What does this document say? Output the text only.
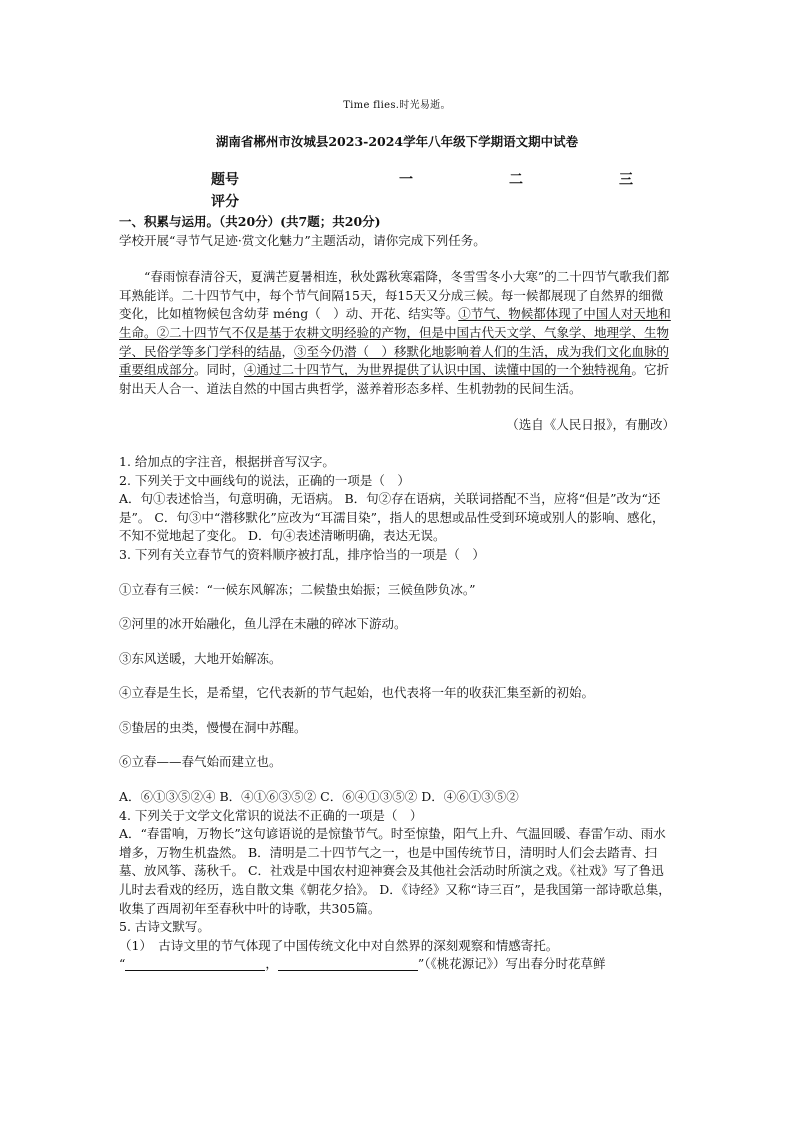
Time flies.时光易逝。
湖南省郴州市汝城县2023-2024学年八年级下学期语文期中试卷
题号	一	二	三
评分

一、积累与运用。（共20分）(共7题；共20分)

学校开展“寻节气足迹·赏文化魅力”主题活动，请你完成下列任务。

“春雨惊春清谷天，夏满芒夏暑相连，秋处露秋寒霜降，冬雪雪冬小大寒”的二十四节气歌我们都耳熟能详。二十四节气中，每个节气间隔15天，每15天又分成三候。每一候都展现了自然界的细微变化，比如植物候包含幼芽 méng（　）动、开花、结实等。①节气、物候都体现了中国人对天地和生命。②二十四节气不仅是基于农耕文明经验的产物，但是中国古代天文学、气象学、地理学、生物学、民俗学等多门学科的结晶，③至今仍潜（　）移默化地影响着人们的生活，成为我们文化血脉的重要组成部分。同时，④通过二十四节气，为世界提供了认识中国、读懂中国的一个独特视角。它折射出天人合一、道法自然的中国古典哲学，滋养着形态多样、生机勃勃的民间生活。

（选自《人民日报》，有删改）

1. 给加点的字注音，根据拼音写汉字。

2. 下列关于文中画线句的说法，正确的一项是（　）

A．句①表述恰当，句意明确，无语病。 B．句②存在语病，关联词搭配不当，应将“但是”改为“还是”。 C．句③中“潜移默化”应改为“耳濡目染”，指人的思想或品性受到环境或别人的影响、感化，不知不觉地起了变化。 D．句④表述清晰明确，表达无误。

3. 下列有关立春节气的资料顺序被打乱，排序恰当的一项是（　）

①立春有三候：“一候东风解冻；二候蛰虫始振；三候鱼陟负冰。”

②河里的冰开始融化，鱼儿浮在未融的碎冰下游动。

③东风送暖，大地开始解冻。

④立春是生长，是希望，它代表新的节气起始，也代表将一年的收获汇集至新的初始。

⑤蛰居的虫类，慢慢在洞中苏醒。

⑥立春——春气始而建立也。

A．⑥①③⑤②④ B．④①⑥③⑤② C．⑥④①③⑤② D．④⑥①③⑤②

4. 下列关于文学文化常识的说法不正确的一项是（　）

A．“春雷响，万物长”这句谚语说的是惊蛰节气。时至惊蛰，阳气上升、气温回暖、春雷乍动、雨水增多，万物生机盎然。 B．清明是二十四节气之一，也是中国传统节日，清明时人们会去踏青、扫墓、放风筝、荡秋千。 C．社戏是中国农村迎神赛会及其他社会活动时所演之戏。《社戏》写了鲁迅儿时去看戏的经历，选自散文集《朝花夕拾》。 D．《诗经》又称“诗三百”，是我国第一部诗歌总集，收集了西周初年至春秋中叶的诗歌，共305篇。

5. 古诗文默写。

（1）　古诗文里的节气体现了中国传统文化中对自然界的深刻观察和情感寄托。

“	，	”（《桃花源记》）写出春分时花草鲜
